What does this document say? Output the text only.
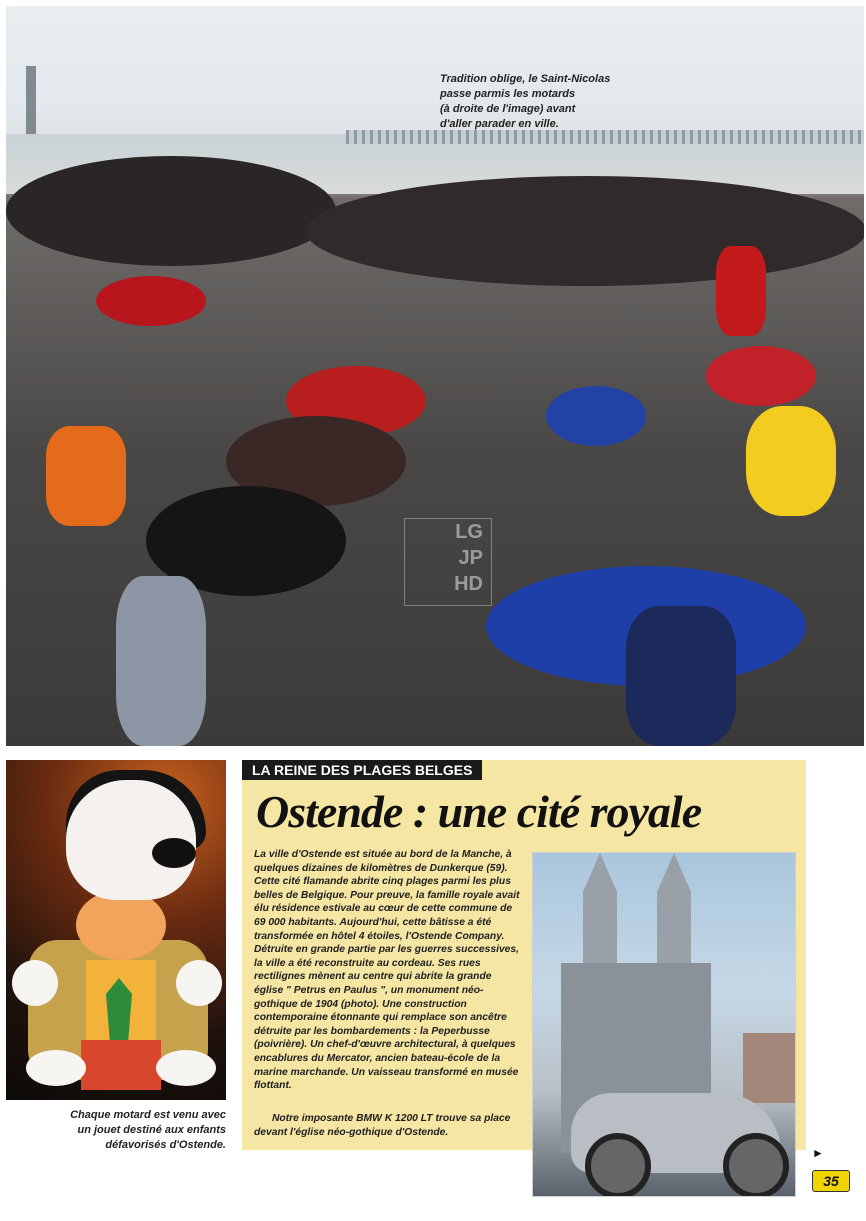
Tradition oblige, le Saint-Nicolas
passe parmis les motards
(à droite de l'image) avant
d'aller parader en ville.
LG
JP
HD
Chaque motard est venu avec
un jouet destiné aux enfants
défavorisés d'Ostende.
LA REINE DES PLAGES BELGES
Ostende : une cité royale

La ville d'Ostende est située au bord de la Manche, à quelques dizaines de kilomètres de Dunkerque (59). Cette cité flamande abrite cinq plages parmi les plus belles de Belgique. Pour preuve, la famille royale avait élu résidence estivale au cœur de cette commune de 69 000 habitants. Aujourd'hui, cette bâtisse a été transformée en hôtel 4 étoiles, l'Ostende Company. Détruite en grande partie par les guerres successives, la ville a été reconstruite au cordeau. Ses rues rectilignes mènent au centre qui abrite la grande église " Petrus en Paulus ", un monument néo-gothique de 1904 (photo). Une construction contemporaine étonnante qui remplace son ancêtre détruite par les bombardements : la Peperbusse (poivrière). Un chef-d'œuvre architectural, à quelques encablures du Mercator, ancien bateau-école de la marine marchande. Un vaisseau transformé en musée flottant.

Notre imposante BMW K 1200 LT trouve sa place devant l'église néo-gothique d'Ostende.
►
35
